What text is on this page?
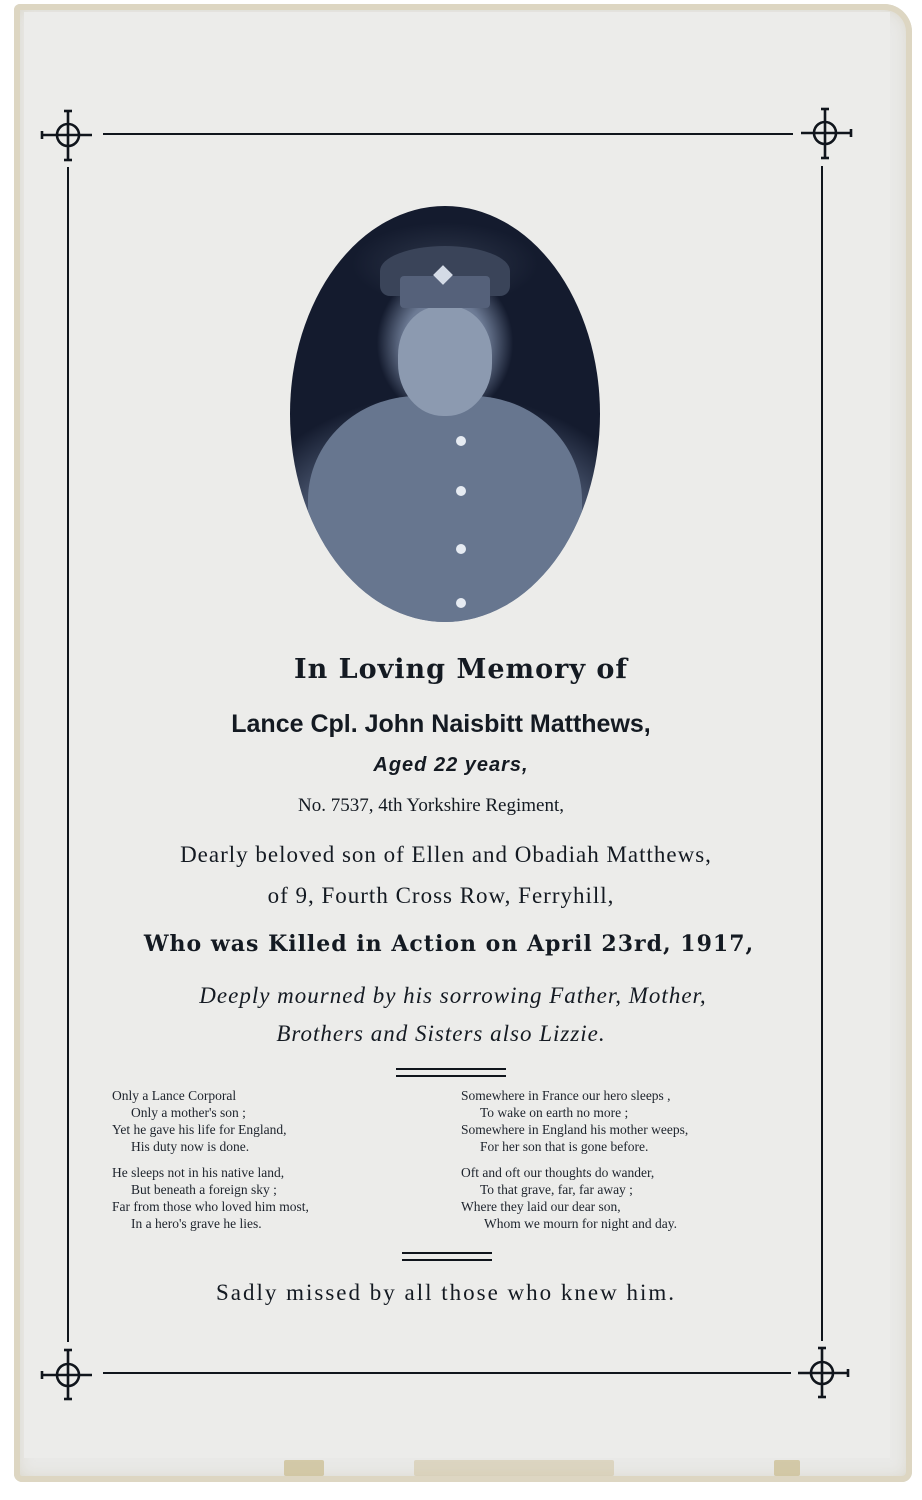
In Loving Memory of
Lance Cpl. John Naisbitt Matthews,
Aged 22 years,
No. 7537, 4th Yorkshire Regiment,
Dearly beloved son of Ellen and Obadiah Matthews,
of 9, Fourth Cross Row, Ferryhill,
Who was Killed in Action on April 23rd, 1917,
Deeply mourned by his sorrowing Father, Mother,
Brothers and Sisters also Lizzie.
Only a Lance Corporal
Only a mother's son ;
Yet he gave his life for England,
His duty now is done.
He sleeps not in his native land,
But beneath a foreign sky ;
Far from those who loved him most,
In a hero's grave he lies.
Somewhere in France our hero sleeps ,
To wake on earth no more ;
Somewhere in England his mother weeps,
For her son that is gone before.
Oft and oft our thoughts do wander,
To that grave, far, far away ;
Where they laid our dear son,
Whom we mourn for night and day.
Sadly missed by all those who knew him.
